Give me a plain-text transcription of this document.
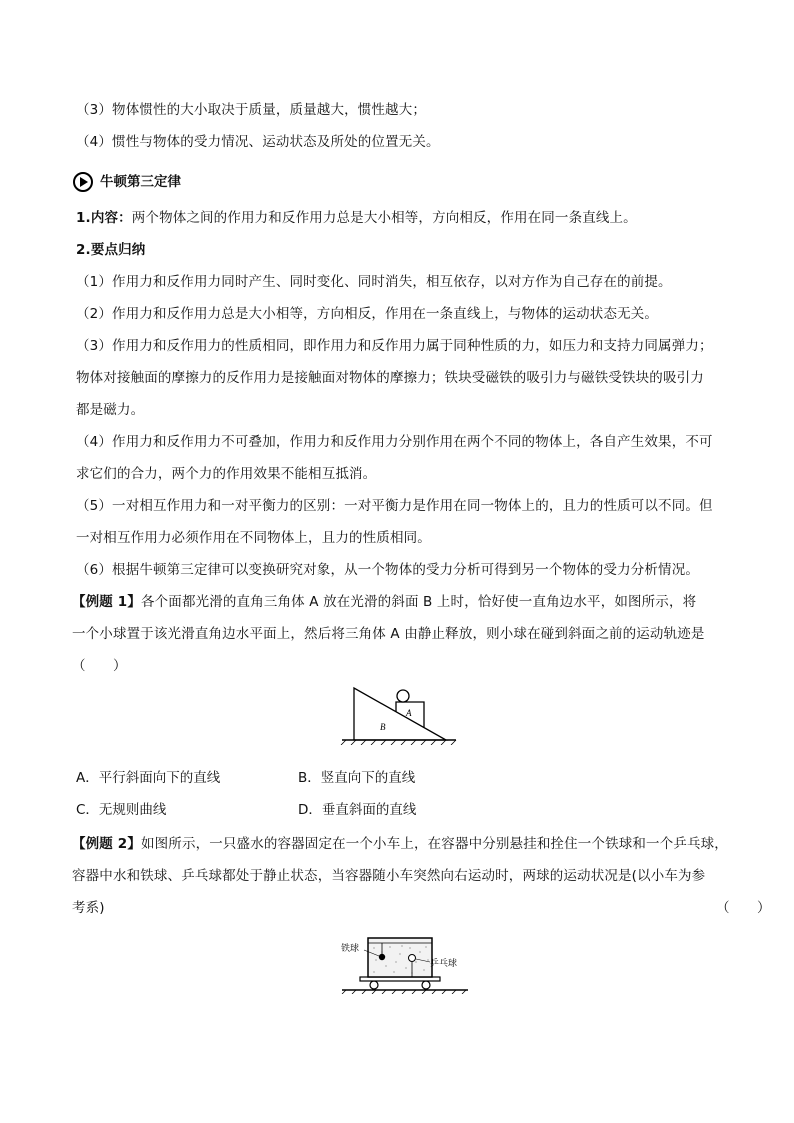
（3）物体惯性的大小取决于质量，质量越大，惯性越大；
（4）惯性与物体的受力情况、运动状态及所处的位置无关。
牛顿第三定律
1.内容：两个物体之间的作用力和反作用力总是大小相等，方向相反，作用在同一条直线上。
2.要点归纳
（1）作用力和反作用力同时产生、同时变化、同时消失，相互依存，以对方作为自己存在的前提。
（2）作用力和反作用力总是大小相等，方向相反，作用在一条直线上，与物体的运动状态无关。
（3）作用力和反作用力的性质相同，即作用力和反作用力属于同种性质的力，如压力和支持力同属弹力；
物体对接触面的摩擦力的反作用力是接触面对物体的摩擦力；铁块受磁铁的吸引力与磁铁受铁块的吸引力
都是磁力。
（4）作用力和反作用力不可叠加，作用力和反作用力分别作用在两个不同的物体上，各自产生效果，不可
求它们的合力，两个力的作用效果不能相互抵消。
（5）一对相互作用力和一对平衡力的区别：一对平衡力是作用在同一物体上的，且力的性质可以不同。但
一对相互作用力必须作用在不同物体上，且力的性质相同。
（6）根据牛顿第三定律可以变换研究对象，从一个物体的受力分析可得到另一个物体的受力分析情况。
【例题 1】各个面都光滑的直角三角体 A 放在光滑的斜面 B 上时，恰好使一直角边水平，如图所示，将
一个小球置于该光滑直角边水平面上，然后将三角体 A 由静止释放，则小球在碰到斜面之前的运动轨迹是
（　　）
A
B
A．平行斜面向下的直线	B．竖直向下的直线
C．无规则曲线	D．垂直斜面的直线
【例题 2】如图所示，一只盛水的容器固定在一个小车上，在容器中分别悬挂和拴住一个铁球和一个乒乓球，
容器中水和铁球、乒乓球都处于静止状态，当容器随小车突然向右运动时，两球的运动状况是(以小车为参
考系)	（　　）
铁球
乒乓球
